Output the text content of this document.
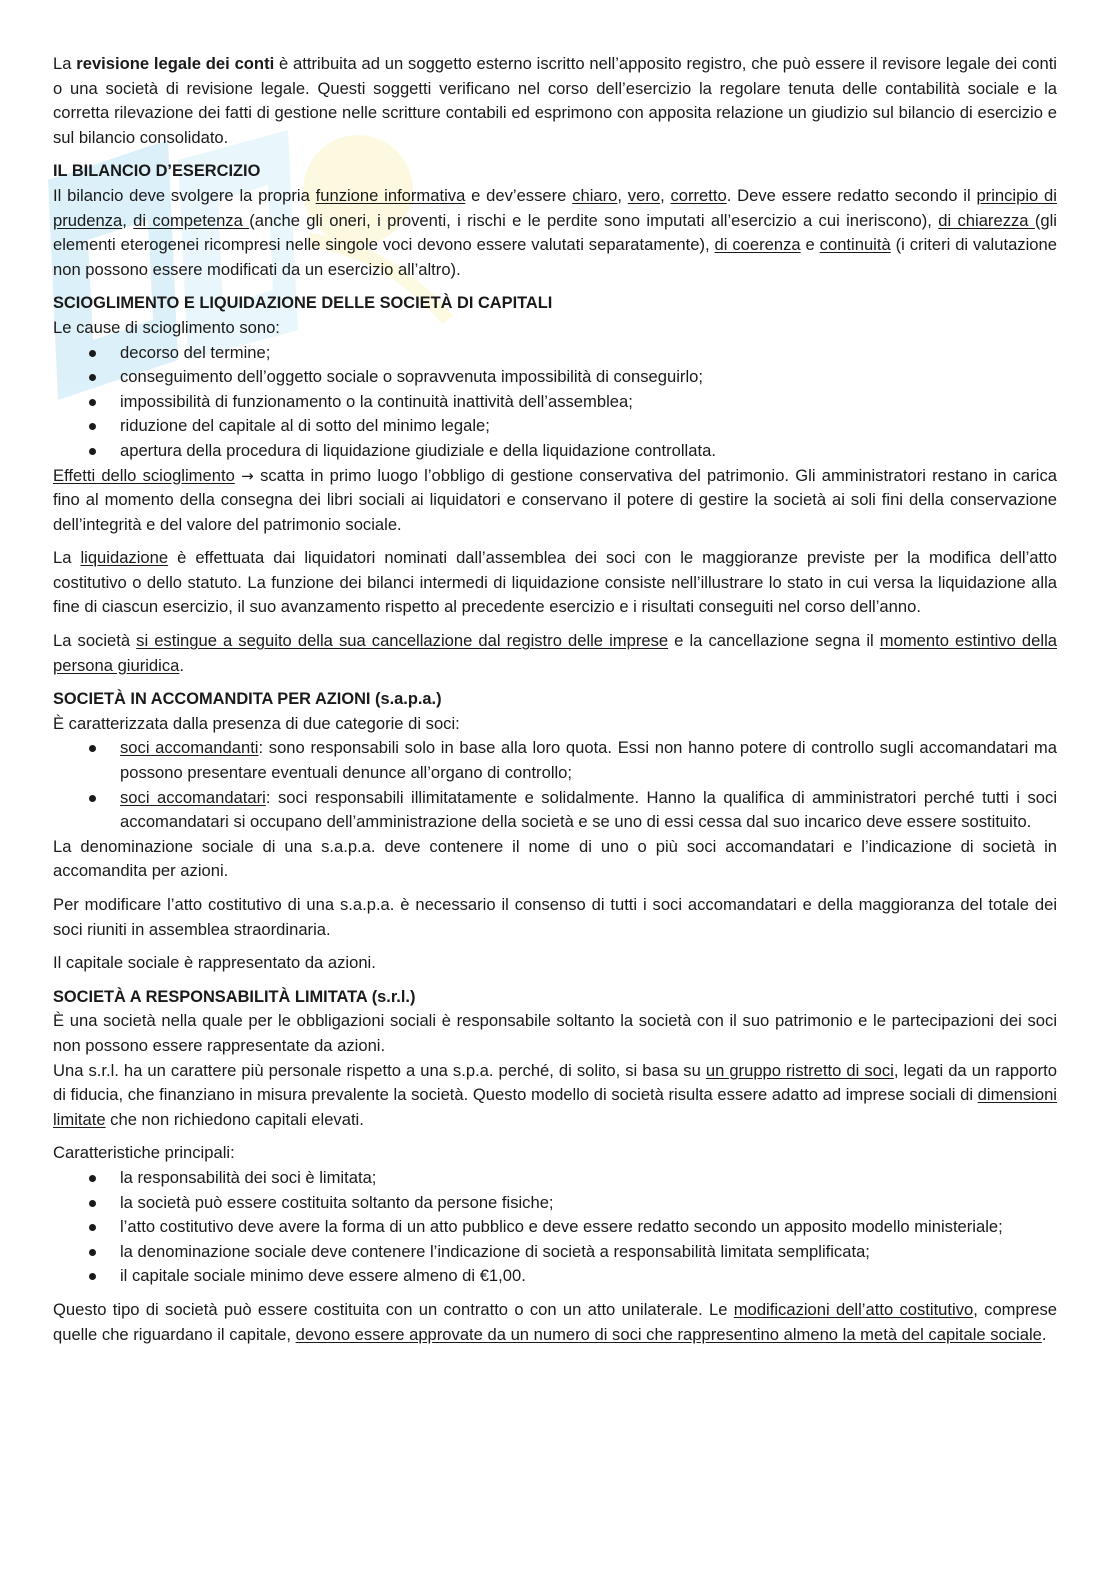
La revisione legale dei conti è attribuita ad un soggetto esterno iscritto nell’apposito registro, che può essere il revisore legale dei conti o una società di revisione legale. Questi soggetti verificano nel corso dell’esercizio la regolare tenuta delle contabilità sociale e la corretta rilevazione dei fatti di gestione nelle scritture contabili ed esprimono con apposita relazione un giudizio sul bilancio di esercizio e sul bilancio consolidato.

IL BILANCIO D’ESERCIZIO

Il bilancio deve svolgere la propria funzione informativa e dev’essere chiaro, vero, corretto. Deve essere redatto secondo il principio di prudenza, di competenza (anche gli oneri, i proventi, i rischi e le perdite sono imputati all’esercizio a cui ineriscono), di chiarezza (gli elementi eterogenei ricompresi nelle singole voci devono essere valutati separatamente), di coerenza e continuità (i criteri di valutazione non possono essere modificati da un esercizio all’altro).

SCIOGLIMENTO E LIQUIDAZIONE DELLE SOCIETÀ DI CAPITALI

Le cause di scioglimento sono:

decorso del termine;
conseguimento dell’oggetto sociale o sopravvenuta impossibilità di conseguirlo;
impossibilità di funzionamento o la continuità inattività dell’assemblea;
riduzione del capitale al di sotto del minimo legale;
apertura della procedura di liquidazione giudiziale e della liquidazione controllata.

Effetti dello scioglimento → scatta in primo luogo l’obbligo di gestione conservativa del patrimonio. Gli amministratori restano in carica fino al momento della consegna dei libri sociali ai liquidatori e conservano il potere di gestire la società ai soli fini della conservazione dell’integrità e del valore del patrimonio sociale.

La liquidazione è effettuata dai liquidatori nominati dall’assemblea dei soci con le maggioranze previste per la modifica dell’atto costitutivo o dello statuto. La funzione dei bilanci intermedi di liquidazione consiste nell’illustrare lo stato in cui versa la liquidazione alla fine di ciascun esercizio, il suo avanzamento rispetto al precedente esercizio e i risultati conseguiti nel corso dell’anno.

La società si estingue a seguito della sua cancellazione dal registro delle imprese e la cancellazione segna il momento estintivo della persona giuridica.

SOCIETÀ IN ACCOMANDITA PER AZIONI (s.a.p.a.)

È caratterizzata dalla presenza di due categorie di soci:

soci accomandanti: sono responsabili solo in base alla loro quota. Essi non hanno potere di controllo sugli accomandatari ma possono presentare eventuali denunce all’organo di controllo;
soci accomandatari: soci responsabili illimitatamente e solidalmente. Hanno la qualifica di amministratori perché tutti i soci accomandatari si occupano dell’amministrazione della società e se uno di essi cessa dal suo incarico deve essere sostituito.

La denominazione sociale di una s.a.p.a. deve contenere il nome di uno o più soci accomandatari e l’indicazione di società in accomandita per azioni.

Per modificare l’atto costitutivo di una s.a.p.a. è necessario il consenso di tutti i soci accomandatari e della maggioranza del totale dei soci riuniti in assemblea straordinaria.

Il capitale sociale è rappresentato da azioni.

SOCIETÀ A RESPONSABILITÀ LIMITATA (s.r.l.)

È una società nella quale per le obbligazioni sociali è responsabile soltanto la società con il suo patrimonio e le partecipazioni dei soci non possono essere rappresentate da azioni.

Una s.r.l. ha un carattere più personale rispetto a una s.p.a. perché, di solito, si basa su un gruppo ristretto di soci, legati da un rapporto di fiducia, che finanziano in misura prevalente la società. Questo modello di società risulta essere adatto ad imprese sociali di dimensioni limitate che non richiedono capitali elevati.

Caratteristiche principali:

la responsabilità dei soci è limitata;
la società può essere costituita soltanto da persone fisiche;
l’atto costitutivo deve avere la forma di un atto pubblico e deve essere redatto secondo un apposito modello ministeriale;
la denominazione sociale deve contenere l’indicazione di società a responsabilità limitata semplificata;
il capitale sociale minimo deve essere almeno di €1,00.

Questo tipo di società può essere costituita con un contratto o con un atto unilaterale. Le modificazioni dell’atto costitutivo, comprese quelle che riguardano il capitale, devono essere approvate da un numero di soci che rappresentino almeno la metà del capitale sociale.
